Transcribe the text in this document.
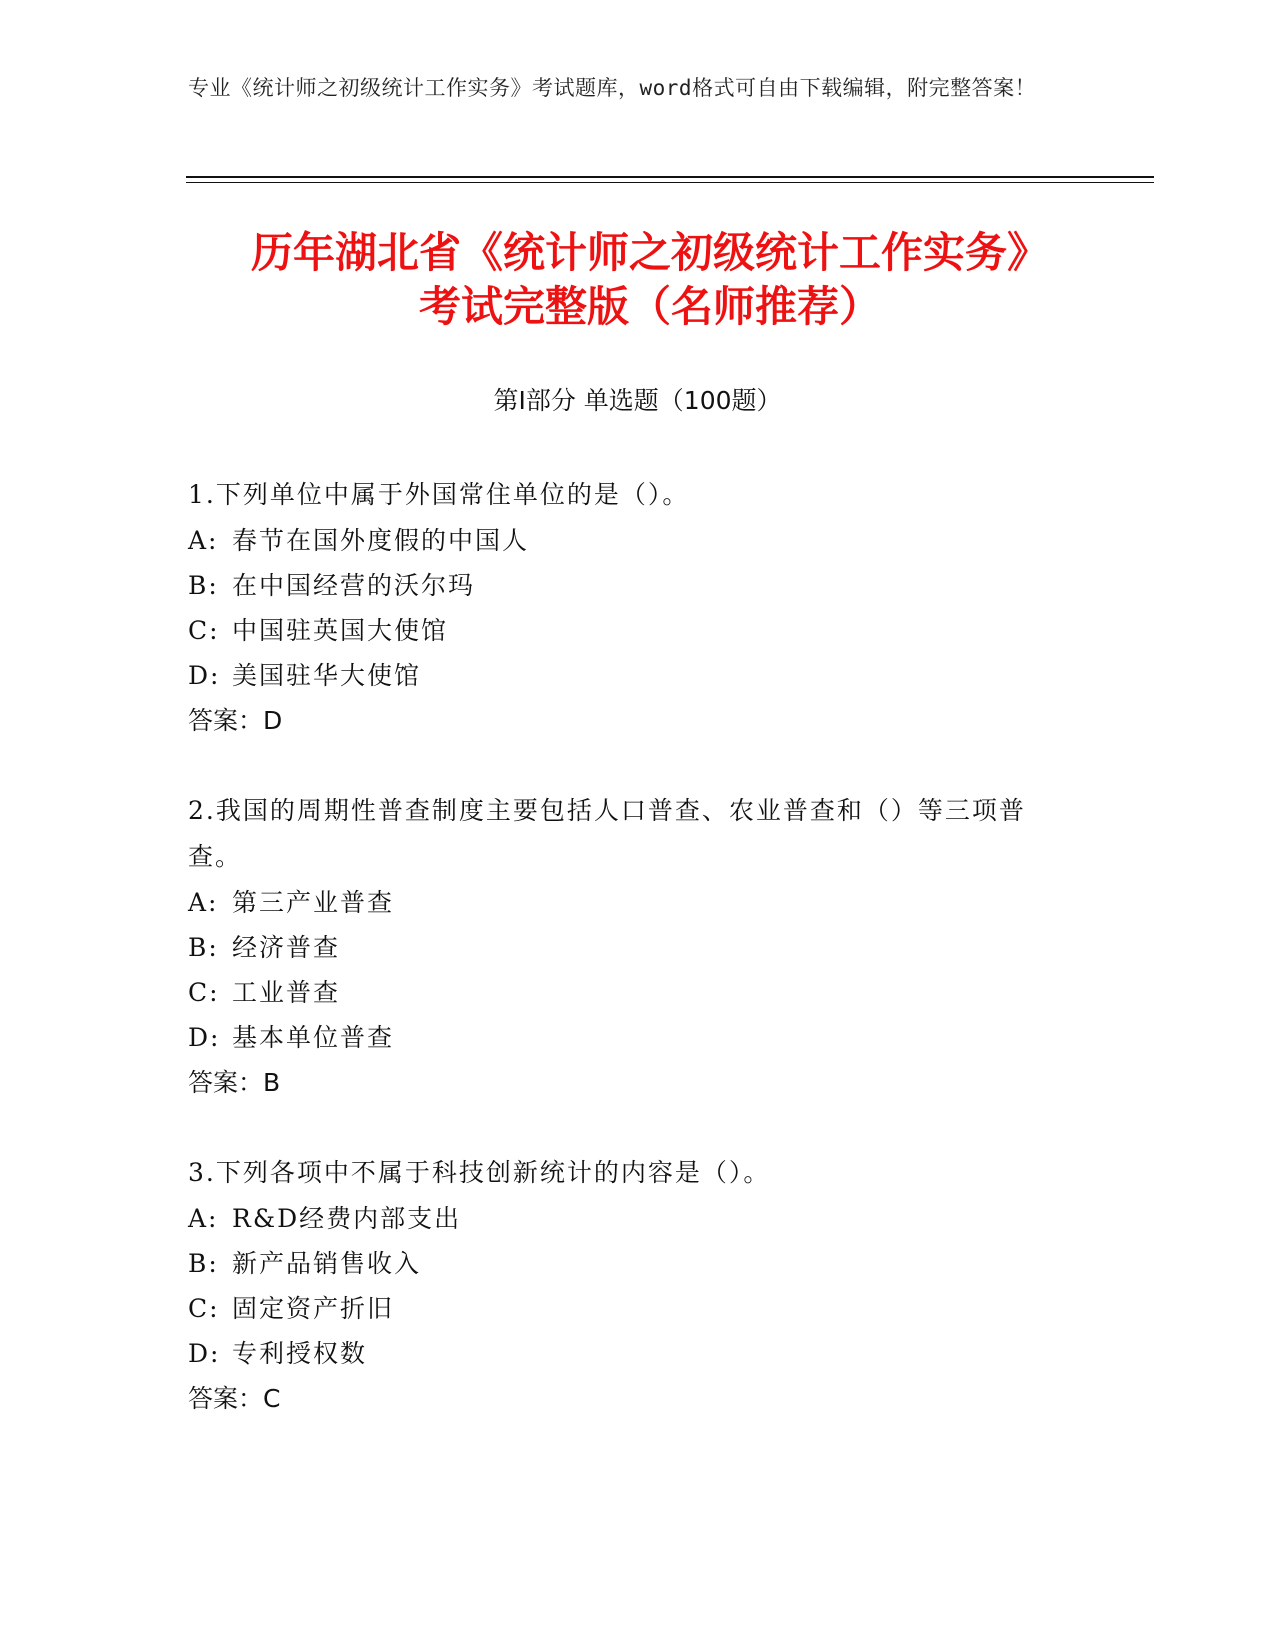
专业《统计师之初级统计工作实务》考试题库，word格式可自由下载编辑，附完整答案！
历年湖北省《统计师之初级统计工作实务》
考试完整版（名师推荐）
第I部分 单选题（100题）
1.下列单位中属于外国常住单位的是（）。
A: 春节在国外度假的中国人
B: 在中国经营的沃尔玛
C: 中国驻英国大使馆
D: 美国驻华大使馆
答案：D
2.我国的周期性普查制度主要包括人口普查、农业普查和（）等三项普查。
A: 第三产业普查
B: 经济普查
C: 工业普查
D: 基本单位普查
答案：B
3.下列各项中不属于科技创新统计的内容是（）。
A: R&D经费内部支出
B: 新产品销售收入
C: 固定资产折旧
D: 专利授权数
答案：C
